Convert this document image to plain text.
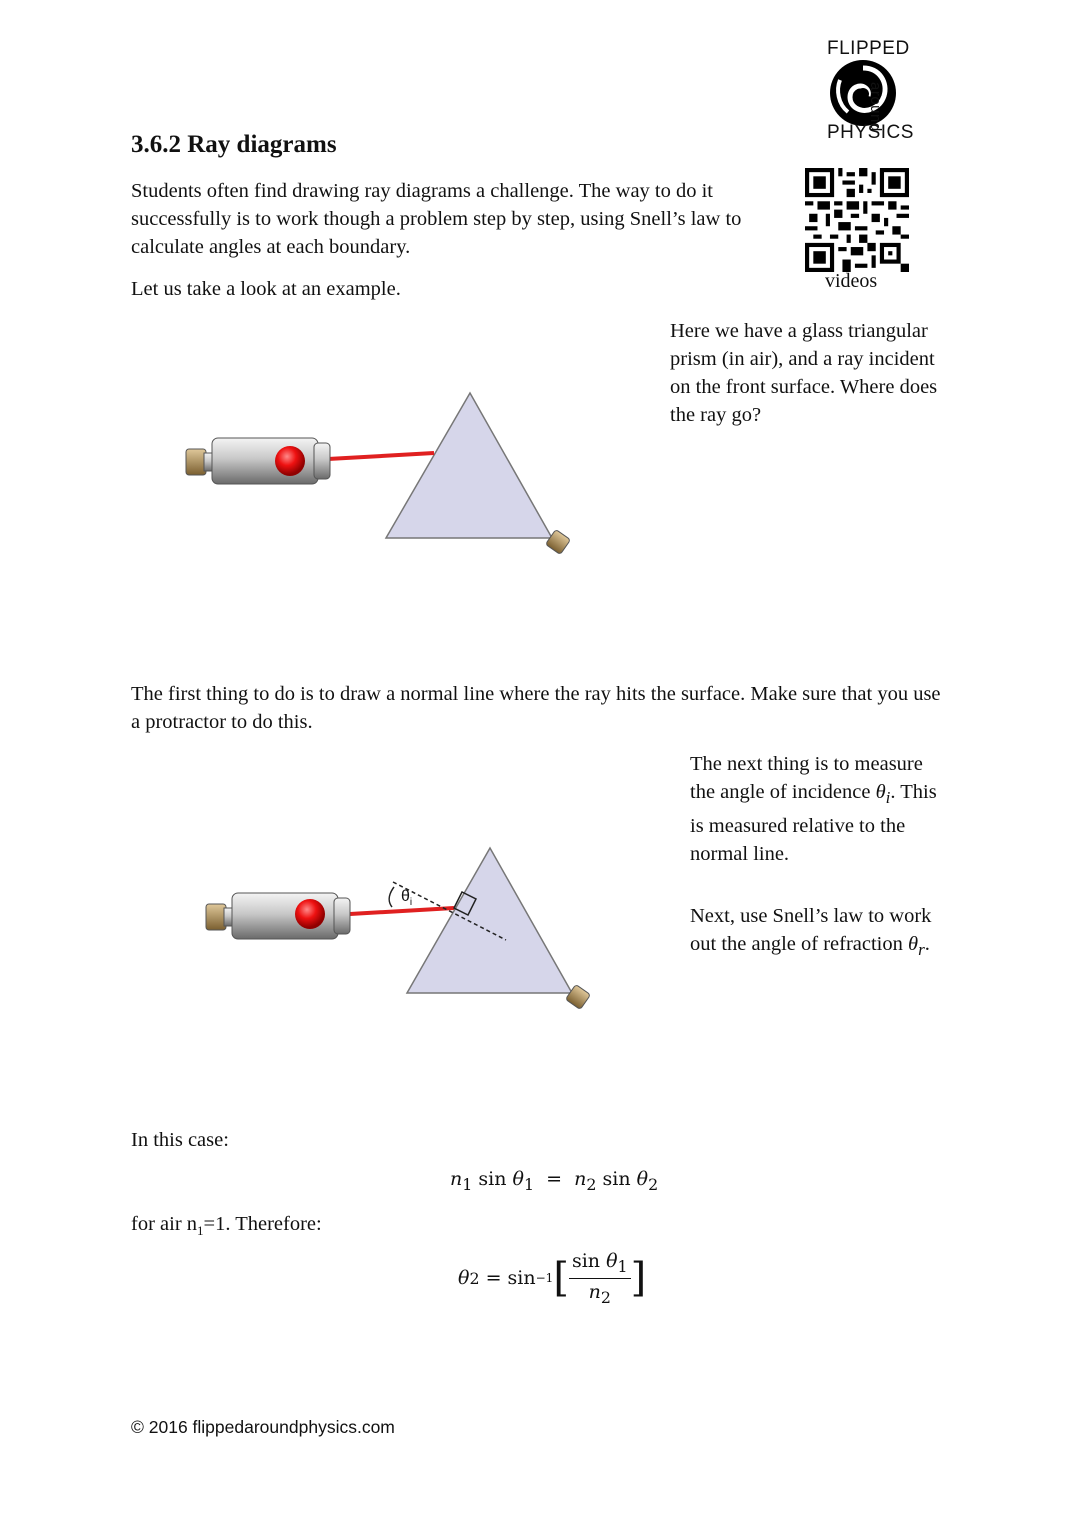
FLIPPED
around
PHYSICS
videos
3.6.2 Ray diagrams

Students often find drawing ray diagrams a challenge. The way to do it successfully is to work though a problem step by step, using Snell’s law to calculate angles at each boundary.

Let us take a look at an example.

Here we have a glass triangular prism (in air), and a ray incident on the front surface. Where does the ray go?

The first thing to do is to draw a normal line where the ray hits the surface. Make sure that you use a protractor to do this.

$\theta_i$

The next thing is to measure the angle of incidence $\theta_i$. This is measured relative to the normal line.

Next, use Snell’s law to work out the angle of refraction $\theta_r$.

In this case:

$n_1$ $\sin \theta_1 = n_2$ $\sin \theta_2$

for air $n_1=1$. Therefore:

θ 2
=
sin −1 [ $\frac{\sin \theta_1}{n_2}$ ]
© 2016 flippedaroundphysics.com
